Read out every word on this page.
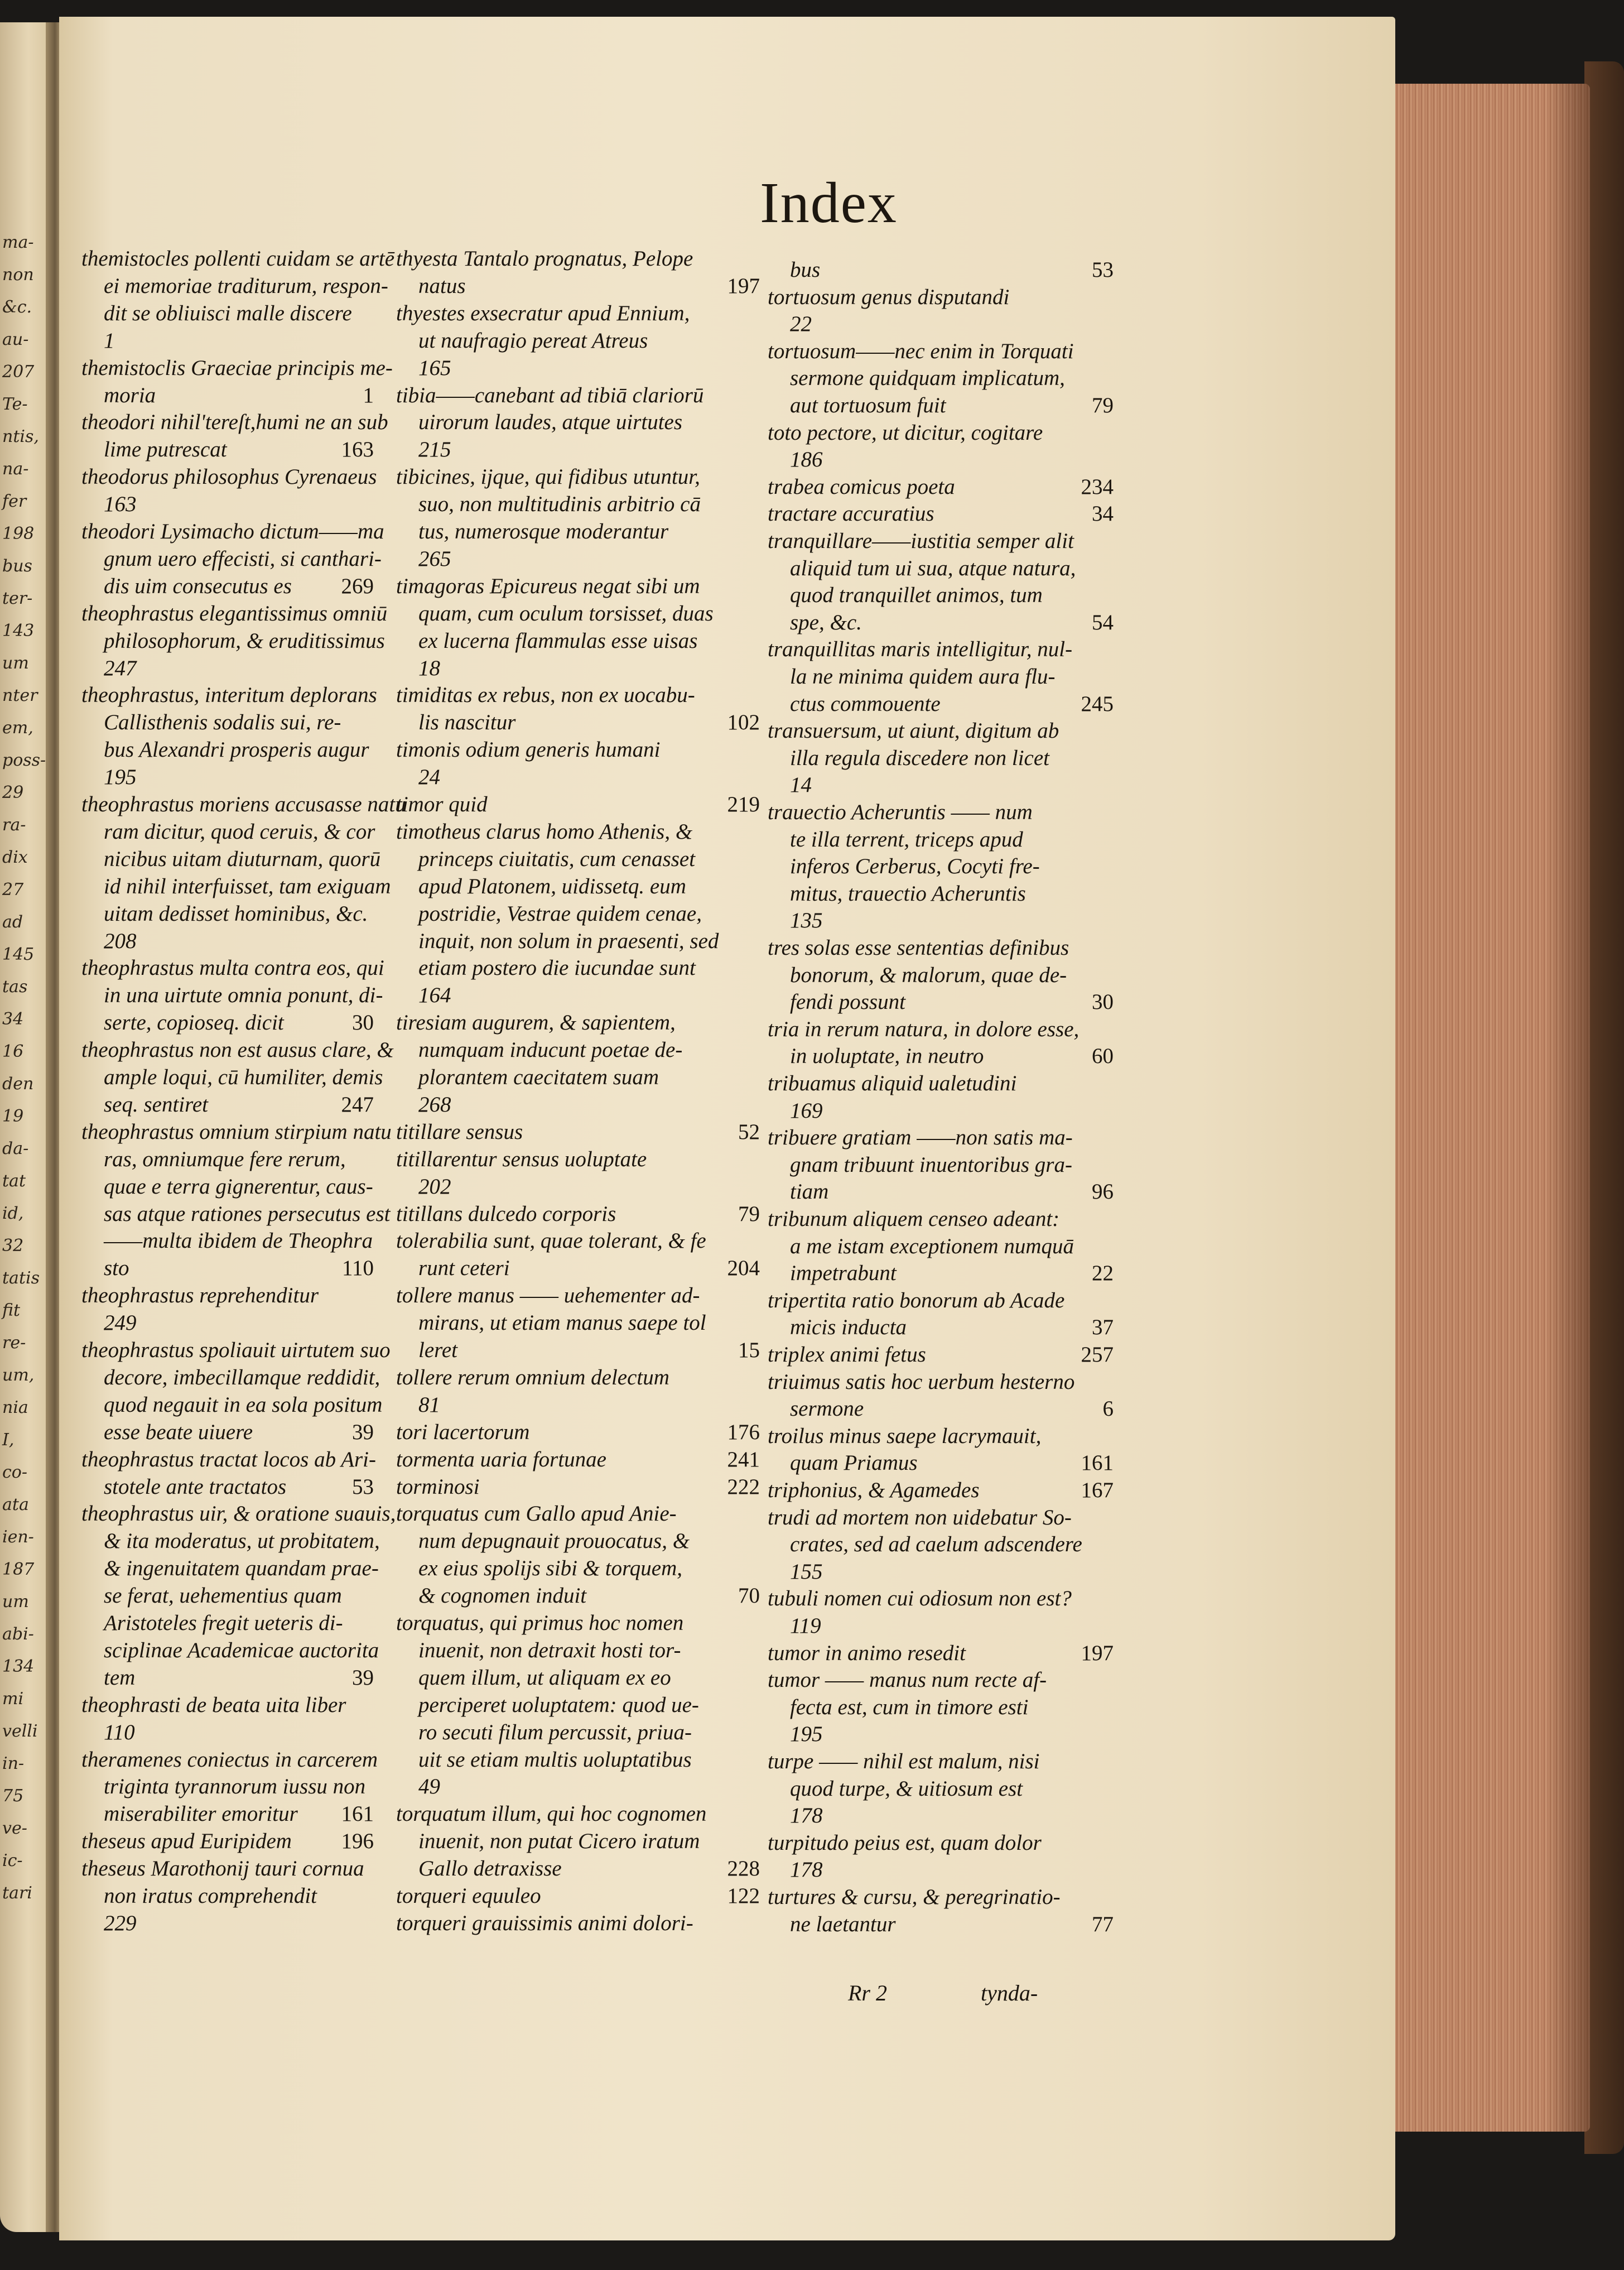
ma-
non
&c.
au-
207
Te-
ntis,
na-
fer
198
bus
ter-
143
um
nter
em,
poss-
29
ra-
dix
27
ad
145
tas
34
16
den
19
da-
tat
id,
32
tatis
fit
re-
um,
nia
I,
co-
ata
ien-
187
um
abi-
134
mi
velli
in-
75
ve-
ic-
tari
Index
themistocles pollenti cuidam se artē
ei memoriae traditurum, respon-
dit se obliuisci malle discere
1
themistoclis Graeciae principis me-
moria	1
theodori nihil'tereſt,humi ne an sub
lime putrescat	163
theodorus philosophus Cyrenaeus
163
theodori Lysimacho dictum——ma
gnum uero effecisti, si canthari-
dis uim consecutus es 269
theophrastus elegantissimus omniū
philosophorum, & eruditissimus
247
theophrastus, interitum deplorans
Callisthenis sodalis sui, re-
bus Alexandri prosperis augur
195
theophrastus moriens accusasse natu
ram dicitur, quod ceruis, & cor
nicibus uitam diuturnam, quorū
id nihil interfuisset, tam exiguam
uitam dedisset hominibus, &c.
208
theophrastus multa contra eos, qui
in una uirtute omnia ponunt, di-
serte, copioseq. dicit	30
theophrastus non est ausus clare, &
ample loqui, cū humiliter, demis
seq. sentiret	247
theophrastus omnium stirpium natu
ras, omniumque fere rerum,
quae e terra gignerentur, caus-
sas atque rationes persecutus est
——multa ibidem de Theophra
sto	110
theophrastus reprehenditur
249
theophrastus spoliauit uirtutem suo
decore, imbecillamque reddidit,
quod negauit in ea sola positum
esse beate uiuere	39
theophrastus tractat locos ab Ari-
stotele ante tractatos	53
theophrastus uir, & oratione suauis,
& ita moderatus, ut probitatem,
& ingenuitatem quandam prae-
se ferat, uehementius quam
Aristoteles fregit ueteris di-
sciplinae Academicae auctorita
tem	39
theophrasti de beata uita liber
110
theramenes coniectus in carcerem
triginta tyrannorum iussu non
miserabiliter emoritur 161
theseus apud Euripidem 196
theseus Marothonij tauri cornua
non iratus comprehendit
229
thyesta Tantalo prognatus, Pelope
natus	197
thyestes exsecratur apud Ennium,
ut naufragio pereat Atreus
165
tibia——canebant ad tibiā clariorū
uirorum laudes, atque uirtutes
215
tibicines, ijque, qui fidibus utuntur,
suo, non multitudinis arbitrio cā
tus, numerosque moderantur
265
timagoras Epicureus negat sibi um
quam, cum oculum torsisset, duas
ex lucerna flammulas esse uisas
18
timiditas ex rebus, non ex uocabu-
lis nascitur	102
timonis odium generis humani
24
timor quid	219
timotheus clarus homo Athenis, &
princeps ciuitatis, cum cenasset
apud Platonem, uidissetq. eum
postridie, Vestrae quidem cenae,
inquit, non solum in praesenti, sed
etiam postero die iucundae sunt
164
tiresiam augurem, & sapientem,
numquam inducunt poetae de-
plorantem caecitatem suam
268
titillare sensus	52
titillarentur sensus uoluptate
202
titillans dulcedo corporis	79
tolerabilia sunt, quae tolerant, & fe
runt ceteri	204
tollere manus —— uehementer ad-
mirans, ut etiam manus saepe tol
leret	15
tollere rerum omnium delectum
81
tori lacertorum	176
tormenta uaria fortunae	241
torminosi	222
torquatus cum Gallo apud Anie-
num depugnauit prouocatus, &
ex eius spolijs sibi & torquem,
& cognomen induit	70
torquatus, qui primus hoc nomen
inuenit, non detraxit hosti tor-
quem illum, ut aliquam ex eo
perciperet uoluptatem: quod ue-
ro secuti filum percussit, priua-
uit se etiam multis uoluptatibus
49
torquatum illum, qui hoc cognomen
inuenit, non putat Cicero iratum
Gallo detraxisse	228
torqueri equuleo	122
torqueri grauissimis animi dolori-
bus	53
tortuosum genus disputandi
22
tortuosum——nec enim in Torquati
sermone quidquam implicatum,
aut tortuosum fuit	79
toto pectore, ut dicitur, cogitare
186
trabea comicus poeta	234
tractare accuratius	34
tranquillare——iustitia semper alit
aliquid tum ui sua, atque natura,
quod tranquillet animos, tum
spe, &c.	54
tranquillitas maris intelligitur, nul-
la ne minima quidem aura flu-
ctus commouente	245
transuersum, ut aiunt, digitum ab
illa regula discedere non licet
14
trauectio Acheruntis —— num
te illa terrent, triceps apud
inferos Cerberus, Cocyti fre-
mitus, trauectio Acheruntis
135
tres solas esse sententias definibus
bonorum, & malorum, quae de-
fendi possunt	30
tria in rerum natura, in dolore esse,
in uoluptate, in neutro	60
tribuamus aliquid ualetudini
169
tribuere gratiam ——non satis ma-
gnam tribuunt inuentoribus gra-
tiam	96
tribunum aliquem censeo adeant:
a me istam exceptionem numquā
impetrabunt	22
tripertita ratio bonorum ab Acade
micis inducta	37
triplex animi fetus	257
triuimus satis hoc uerbum hesterno
sermone	6
troilus minus saepe lacrymauit,
quam Priamus	161
triphonius, & Agamedes	167
trudi ad mortem non uidebatur So-
crates, sed ad caelum adscendere
155
tubuli nomen cui odiosum non est?
119
tumor in animo resedit	197
tumor —— manus num recte af-
fecta est, cum in timore esti
195
turpe —— nihil est malum, nisi
quod turpe, & uitiosum est
178
turpitudo peius est, quam dolor
178
turtures & cursu, & peregrinatio-
ne laetantur	77
Rr 2	tynda-
